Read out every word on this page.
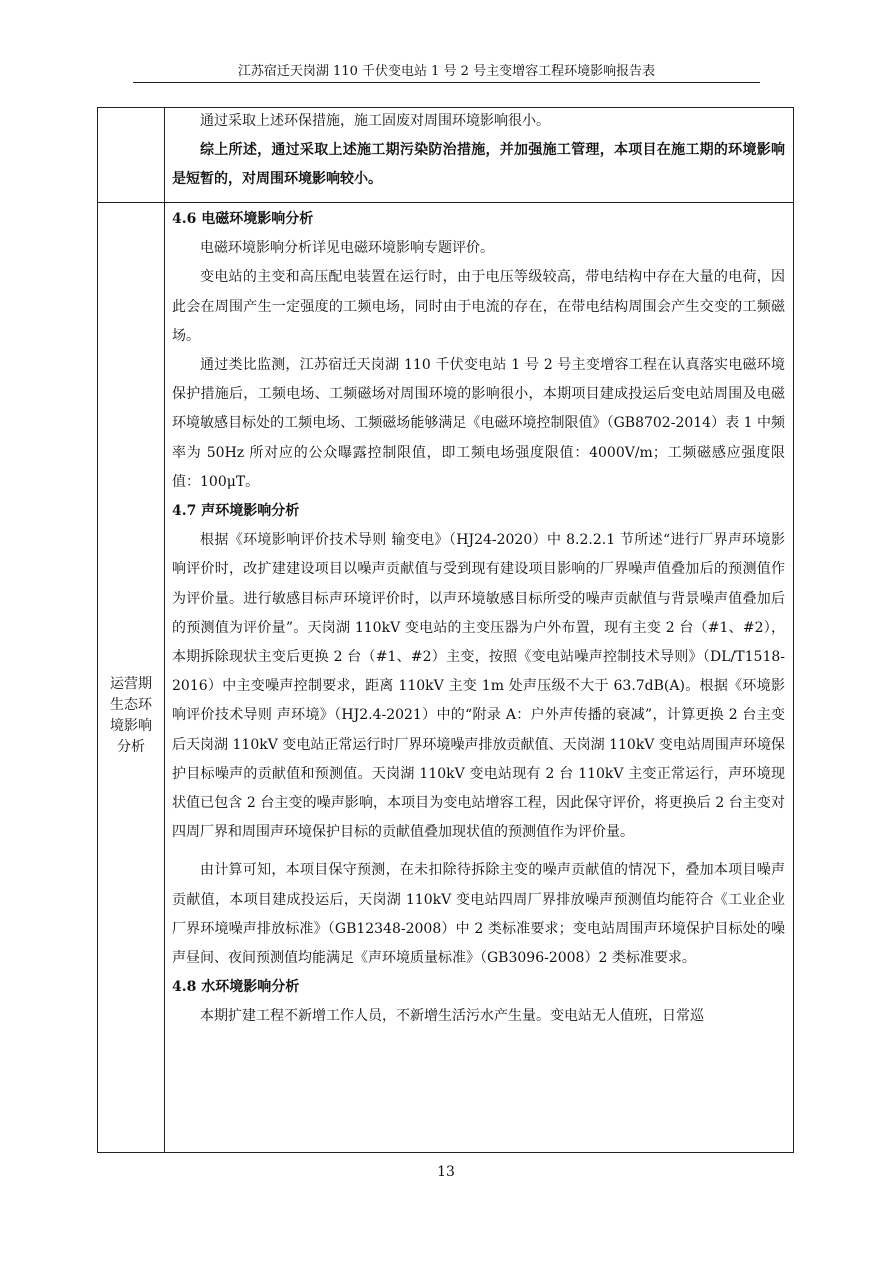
江苏宿迁天岗湖 110 千伏变电站 1 号 2 号主变增容工程环境影响报告表
运营期
生态环
境影响
分析

通过采取上述环保措施，施工固废对周围环境影响很小。

综上所述，通过采取上述施工期污染防治措施，并加强施工管理，本项目在施工期的环境影响是短暂的，对周围环境影响较小。

4.6 电磁环境影响分析

电磁环境影响分析详见电磁环境影响专题评价。

变电站的主变和高压配电装置在运行时，由于电压等级较高，带电结构中存在大量的电荷，因此会在周围产生一定强度的工频电场，同时由于电流的存在，在带电结构周围会产生交变的工频磁场。

通过类比监测，江苏宿迁天岗湖 110 千伏变电站 1 号 2 号主变增容工程在认真落实电磁环境保护措施后，工频电场、工频磁场对周围环境的影响很小，本期项目建成投运后变电站周围及电磁环境敏感目标处的工频电场、工频磁场能够满足《电磁环境控制限值》（GB8702-2014）表 1 中频率为 50Hz 所对应的公众曝露控制限值，即工频电场强度限值：4000V/m；工频磁感应强度限值：100μT。

4.7 声环境影响分析

根据《环境影响评价技术导则 输变电》（HJ24-2020）中 8.2.2.1 节所述“进行厂界声环境影响评价时，改扩建建设项目以噪声贡献值与受到现有建设项目影响的厂界噪声值叠加后的预测值作为评价量。进行敏感目标声环境评价时，以声环境敏感目标所受的噪声贡献值与背景噪声值叠加后的预测值为评价量”。天岗湖 110kV 变电站的主变压器为户外布置，现有主变 2 台（#1、#2），本期拆除现状主变后更换 2 台（#1、#2）主变，按照《变电站噪声控制技术导则》（DL/T1518-2016）中主变噪声控制要求，距离 110kV 主变 1m 处声压级不大于 63.7dB(A)。根据《环境影响评价技术导则 声环境》（HJ2.4-2021）中的“附录 A：户外声传播的衰减”，计算更换 2 台主变后天岗湖 110kV 变电站正常运行时厂界环境噪声排放贡献值、天岗湖 110kV 变电站周围声环境保护目标噪声的贡献值和预测值。天岗湖 110kV 变电站现有 2 台 110kV 主变正常运行，声环境现状值已包含 2 台主变的噪声影响，本项目为变电站增容工程，因此保守评价，将更换后 2 台主变对四周厂界和周围声环境保护目标的贡献值叠加现状值的预测值作为评价量。

由计算可知，本项目保守预测，在未扣除待拆除主变的噪声贡献值的情况下，叠加本项目噪声贡献值，本项目建成投运后，天岗湖 110kV 变电站四周厂界排放噪声预测值均能符合《工业企业厂界环境噪声排放标准》（GB12348-2008）中 2 类标准要求；变电站周围声环境保护目标处的噪声昼间、夜间预测值均能满足《声环境质量标准》（GB3096-2008）2 类标准要求。

4.8 水环境影响分析

本期扩建工程不新增工作人员，不新增生活污水产生量。变电站无人值班，日常巡

13
